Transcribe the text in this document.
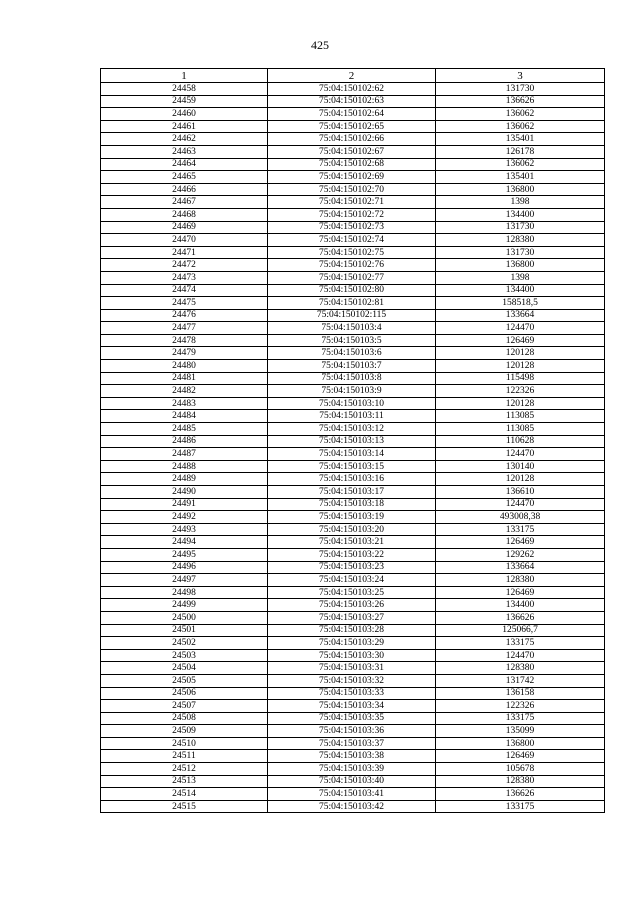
425
1	2	3
24458	75:04:150102:62	131730
24459	75:04:150102:63	136626
24460	75:04:150102:64	136062
24461	75:04:150102:65	136062
24462	75:04:150102:66	135401
24463	75:04:150102:67	126178
24464	75:04:150102:68	136062
24465	75:04:150102:69	135401
24466	75:04:150102:70	136800
24467	75:04:150102:71	1398
24468	75:04:150102:72	134400
24469	75:04:150102:73	131730
24470	75:04:150102:74	128380
24471	75:04:150102:75	131730
24472	75:04:150102:76	136800
24473	75:04:150102:77	1398
24474	75:04:150102:80	134400
24475	75:04:150102:81	158518,5
24476	75:04:150102:115	133664
24477	75:04:150103:4	124470
24478	75:04:150103:5	126469
24479	75:04:150103:6	120128
24480	75:04:150103:7	120128
24481	75:04:150103:8	115498
24482	75:04:150103:9	122326
24483	75:04:150103:10	120128
24484	75:04:150103:11	113085
24485	75:04:150103:12	113085
24486	75:04:150103:13	110628
24487	75:04:150103:14	124470
24488	75:04:150103:15	130140
24489	75:04:150103:16	120128
24490	75:04:150103:17	136610
24491	75:04:150103:18	124470
24492	75:04:150103:19	493008,38
24493	75:04:150103:20	133175
24494	75:04:150103:21	126469
24495	75:04:150103:22	129262
24496	75:04:150103:23	133664
24497	75:04:150103:24	128380
24498	75:04:150103:25	126469
24499	75:04:150103:26	134400
24500	75:04:150103:27	136626
24501	75:04:150103:28	125066,7
24502	75:04:150103:29	133175
24503	75:04:150103:30	124470
24504	75:04:150103:31	128380
24505	75:04:150103:32	131742
24506	75:04:150103:33	136158
24507	75:04:150103:34	122326
24508	75:04:150103:35	133175
24509	75:04:150103:36	135099
24510	75:04:150103:37	136800
24511	75:04:150103:38	126469
24512	75:04:150103:39	105678
24513	75:04:150103:40	128380
24514	75:04:150103:41	136626
24515	75:04:150103:42	133175
